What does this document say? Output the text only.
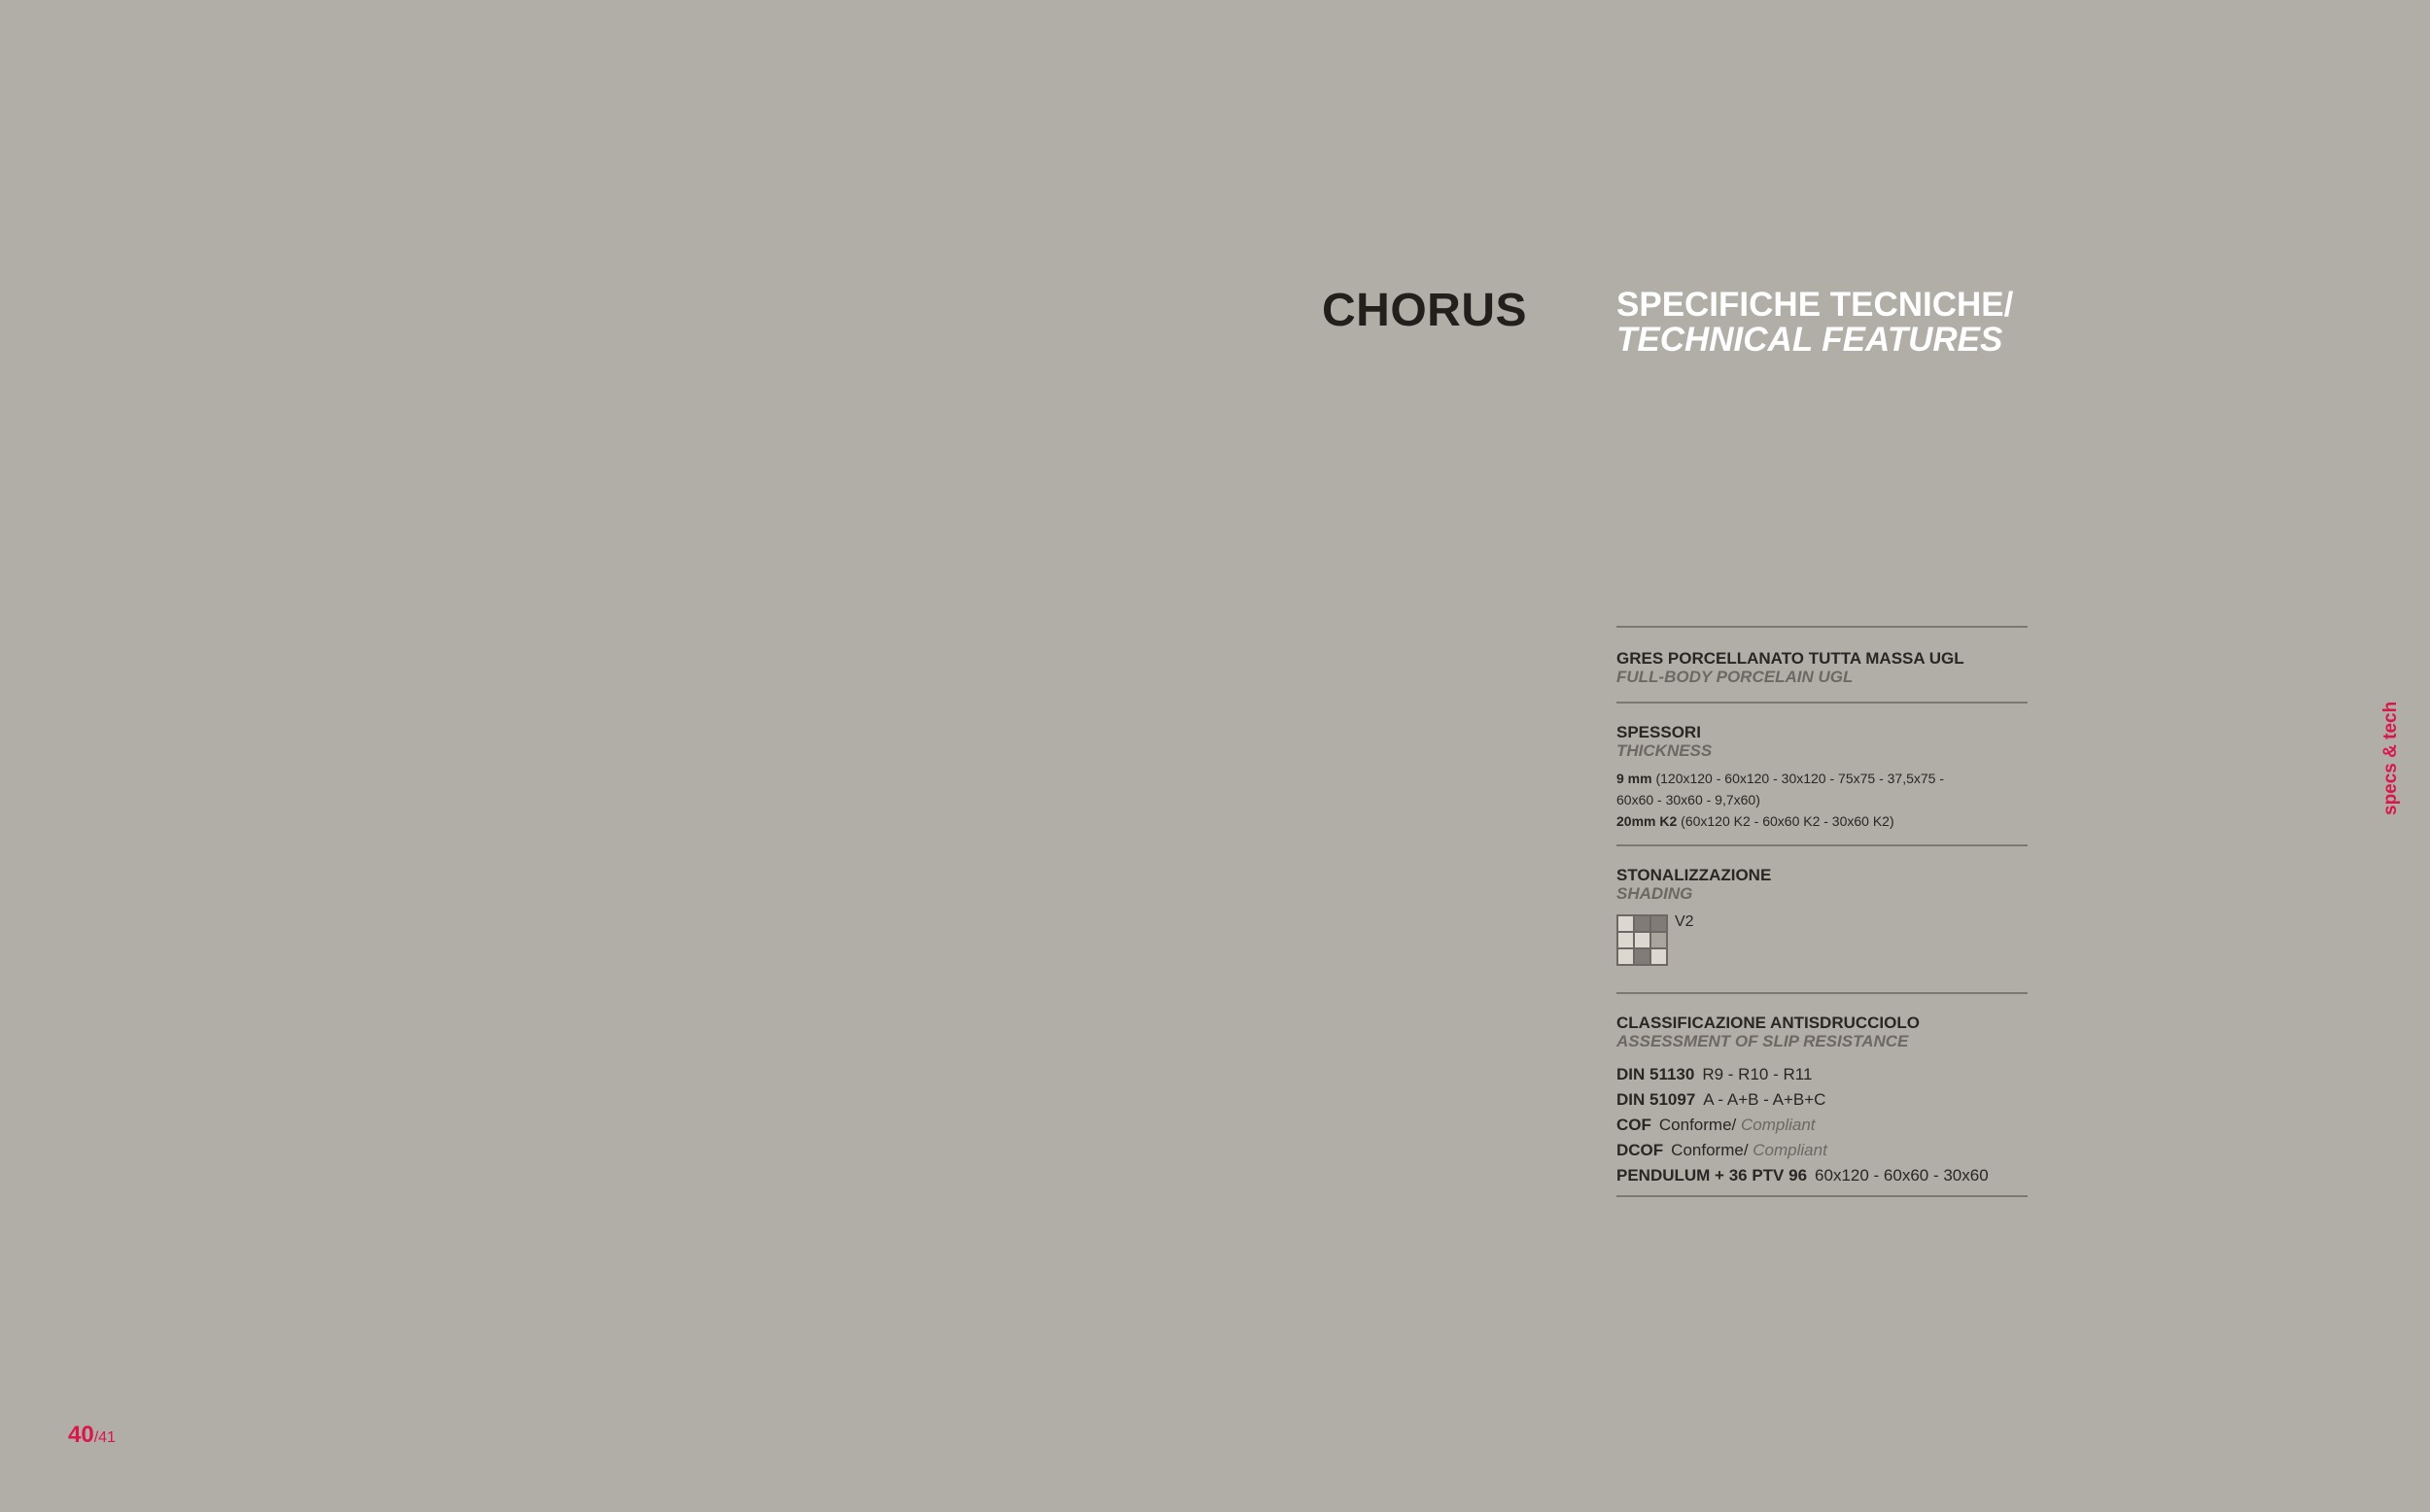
CHORUS	SPECIFICHE TECNICHE/
TECHNICAL FEATURES
GRES PORCELLANATO TUTTA MASSA UGL
FULL-BODY PORCELAIN UGL
SPESSORI
THICKNESS
9 mm (120x120 - 60x120 - 30x120 - 75x75 - 37,5x75 -
60x60 - 30x60 - 9,7x60)
20mm K2 (60x120 K2 - 60x60 K2 - 30x60 K2)
STONALIZZAZIONE
SHADING
V2
CLASSIFICAZIONE ANTISDRUCCIOLO
ASSESSMENT OF SLIP RESISTANCE
DIN 51130 R9 - R10 - R11
DIN 51097 A - A+B - A+B+C
COF Conforme/ Compliant
DCOF Conforme/ Compliant
PENDULUM + 36 PTV 96 60x120 - 60x60 - 30x60
specs & tech
40/41
